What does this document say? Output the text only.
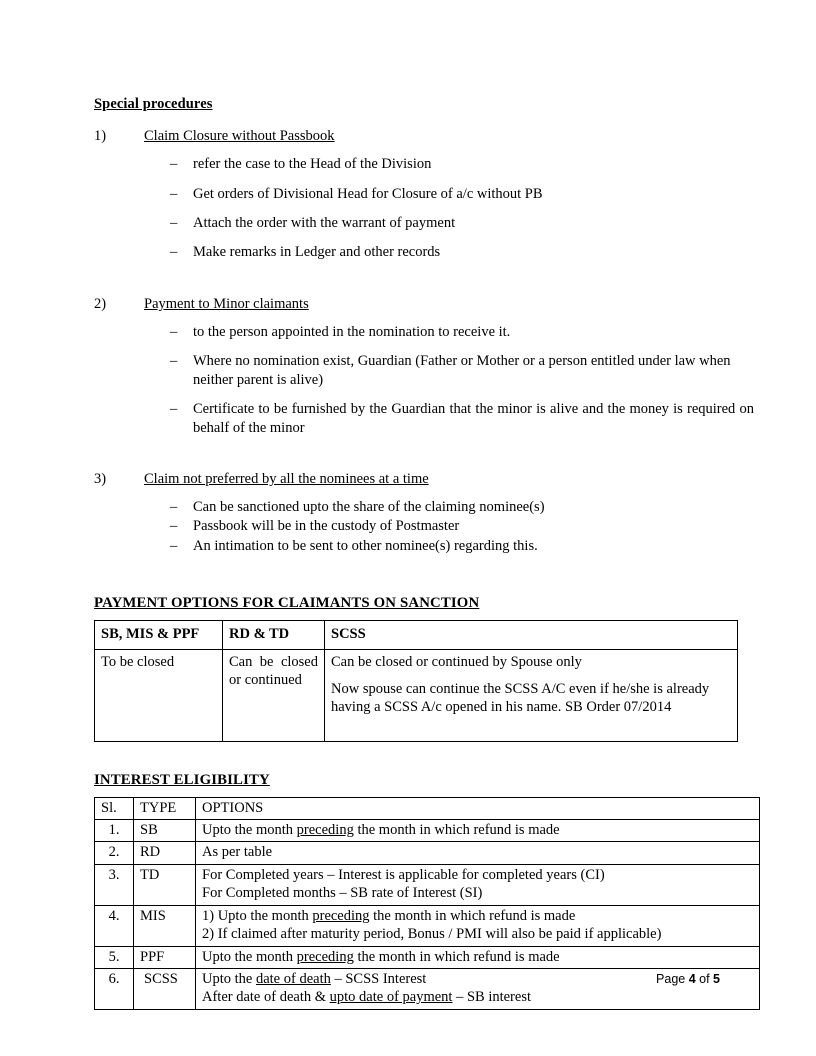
Special procedures
1)	Claim Closure without Passbook
–	refer the case to the Head of the Division
–	Get orders of Divisional Head for Closure of a/c without PB
–	Attach the order with the warrant of payment
–	Make remarks in Ledger and other records
2)	Payment to Minor claimants
–	to the person appointed in the nomination to receive it.
–	Where no nomination exist, Guardian (Father or Mother or a person entitled under law when neither parent is alive)
–	Certificate to be furnished by the Guardian that the minor is alive and the money is required on behalf of the minor
3)	Claim not preferred by all the nominees at a time
–	Can be sanctioned upto the share of the claiming nominee(s)
–	Passbook will be in the custody of Postmaster
–	An intimation to be sent to other nominee(s) regarding this.
PAYMENT OPTIONS FOR CLAIMANTS ON SANCTION
SB, MIS & PPF	RD & TD	SCSS
To be closed	Can be closed or continued	Can be closed or continued by Spouse only

Now spouse can continue the SCSS A/C even if he/she is already having a SCSS A/c opened in his name. SB Order 07/2014

INTEREST ELIGIBILITY
Sl.	TYPE	OPTIONS
1.	SB	Upto the month preceding the month in which refund is made

2.	RD	As per table

3.	TD	For Completed years – Interest is applicable for completed years (CI)
For Completed months – SB rate of Interest (SI)

4.	MIS	1) Upto the month preceding the month in which refund is made
2) If claimed after maturity period, Bonus / PMI will also be paid if applicable)

5.	PPF	Upto the month preceding the month in which refund is made

6.	SCSS	Upto the date of death – SCSS Interest
After date of death & upto date of payment – SB interest
Page 4 of 5
